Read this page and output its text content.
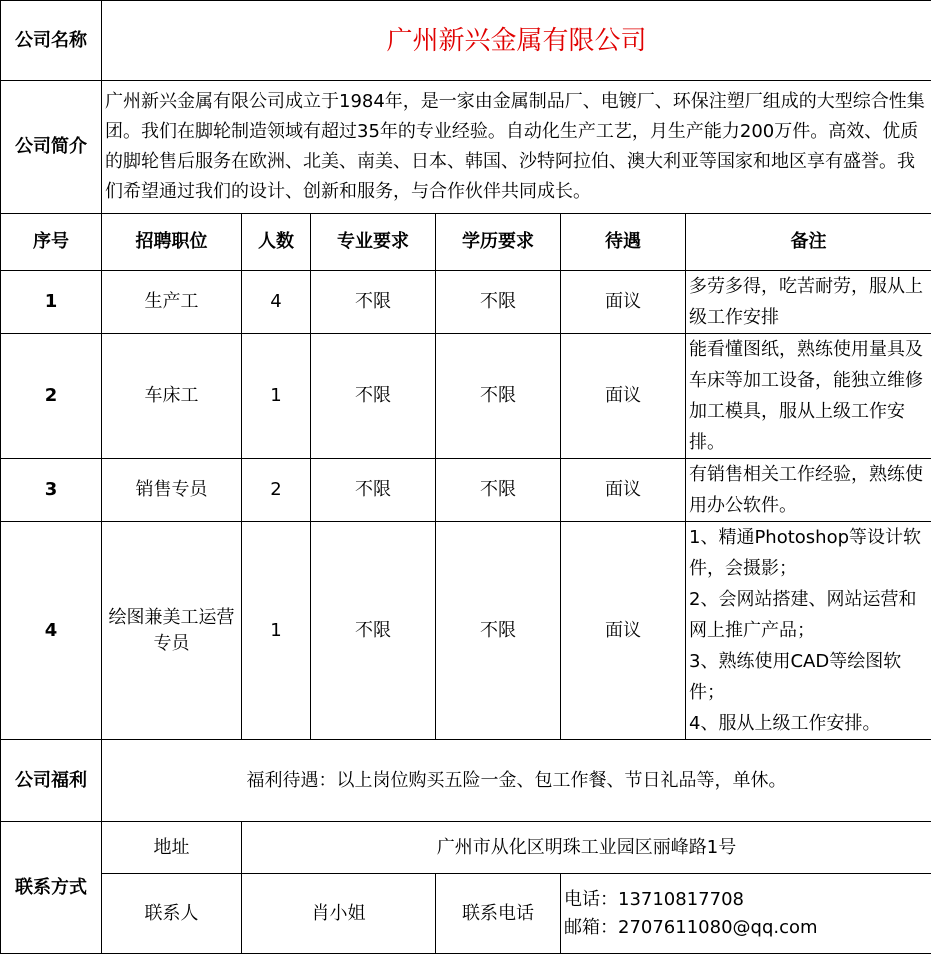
公司名称	广州新兴金属有限公司					
公司简介	广州新兴金属有限公司成立于1984年，是一家由金属制品厂、电镀厂、环保注塑厂组成的大型综合性集团。我们在脚轮制造领域有超过35年的专业经验。自动化生产工艺，月生产能力200万件。高效、优质的脚轮售后服务在欧洲、北美、南美、日本、韩国、沙特阿拉伯、澳大利亚等国家和地区享有盛誉。我们希望通过我们的设计、创新和服务，与合作伙伴共同成长。					
序号	招聘职位	人数	专业要求	学历要求	待遇	备注
1	生产工	4	不限	不限	面议	多劳多得，吃苦耐劳，服从上级工作安排
2	车床工	1	不限	不限	面议	能看懂图纸，熟练使用量具及车床等加工设备，能独立维修加工模具，服从上级工作安排。
3	销售专员	2	不限	不限	面议	有销售相关工作经验，熟练使用办公软件。
4	绘图兼美工运营专员	1	不限	不限	面议	1、精通Photoshop等设计软件，会摄影；
2、会网站搭建、网站运营和网上推广产品；
3、熟练使用CAD等绘图软件；
4、服从上级工作安排。

公司福利	福利待遇：以上岗位购买五险一金、包工作餐、节日礼品等，单休。					
联系方式	地址	广州市从化区明珠工业园区丽峰路1号				
	联系人	肖小姐		联系电话	电话：13710817708
邮箱：2707611080@qq.com	
